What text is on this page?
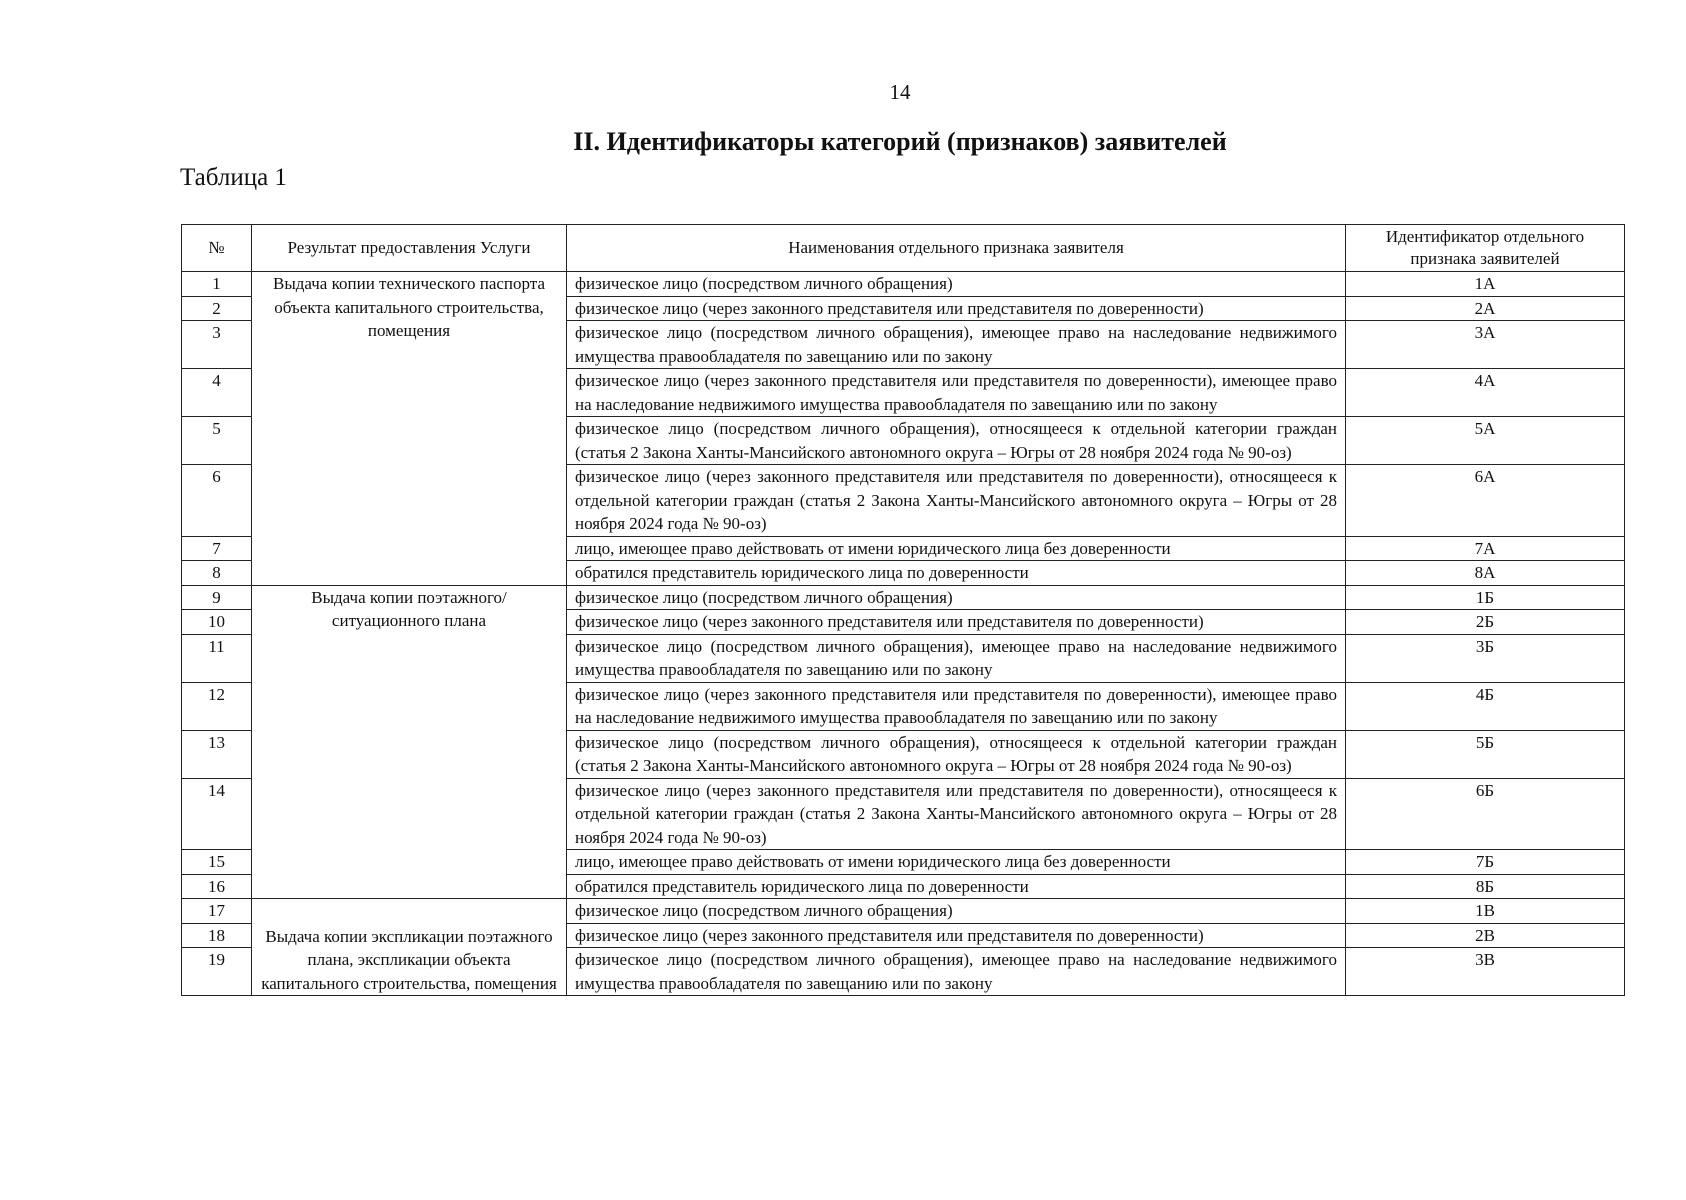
14
II. Идентификаторы категорий (признаков) заявителей
Таблица 1
№	Результат предоставления Услуги	Наименования отдельного признака заявителя	Идентификатор отдельного признака заявителей
1	Выдача копии технического паспорта объекта капитального строительства, помещения	физическое лицо (посредством личного обращения)	1А
2		физическое лицо (через законного представителя или представителя по доверенности)	2А
3		физическое лицо (посредством личного обращения), имеющее право на наследование недвижимого имущества правообладателя по завещанию или по закону	3А
4		физическое лицо (через законного представителя или представителя по доверенности), имеющее право на наследование недвижимого имущества правообладателя по завещанию или по закону	4А
5		физическое лицо (посредством личного обращения), относящееся к отдельной категории граждан (статья 2 Закона Ханты-Мансийского автономного округа – Югры от 28 ноября 2024 года № 90-оз)	5А
6		физическое лицо (через законного представителя или представителя по доверенности), относящееся к отдельной категории граждан (статья 2 Закона Ханты-Мансийского автономного округа – Югры от 28 ноября 2024 года № 90-оз)	6А
7		лицо, имеющее право действовать от имени юридического лица без доверенности	7А
8		обратился представитель юридического лица по доверенности	8А
9	Выдача копии поэтажного/ситуационного плана	физическое лицо (посредством личного обращения)	1Б
10		физическое лицо (через законного представителя или представителя по доверенности)	2Б
11		физическое лицо (посредством личного обращения), имеющее право на наследование недвижимого имущества правообладателя по завещанию или по закону	3Б
12		физическое лицо (через законного представителя или представителя по доверенности), имеющее право на наследование недвижимого имущества правообладателя по завещанию или по закону	4Б
13		физическое лицо (посредством личного обращения), относящееся к отдельной категории граждан (статья 2 Закона Ханты-Мансийского автономного округа – Югры от 28 ноября 2024 года № 90-оз)	5Б
14		физическое лицо (через законного представителя или представителя по доверенности), относящееся к отдельной категории граждан (статья 2 Закона Ханты-Мансийского автономного округа – Югры от 28 ноября 2024 года № 90-оз)	6Б
15		лицо, имеющее право действовать от имени юридического лица без доверенности	7Б
16		обратился представитель юридического лица по доверенности	8Б
17	Выдача копии экспликации поэтажного плана, экспликации объекта капитального строительства, помещения	физическое лицо (посредством личного обращения)	1В
18		физическое лицо (через законного представителя или представителя по доверенности)	2В
19		физическое лицо (посредством личного обращения), имеющее право на наследование недвижимого имущества правообладателя по завещанию или по закону	3В
